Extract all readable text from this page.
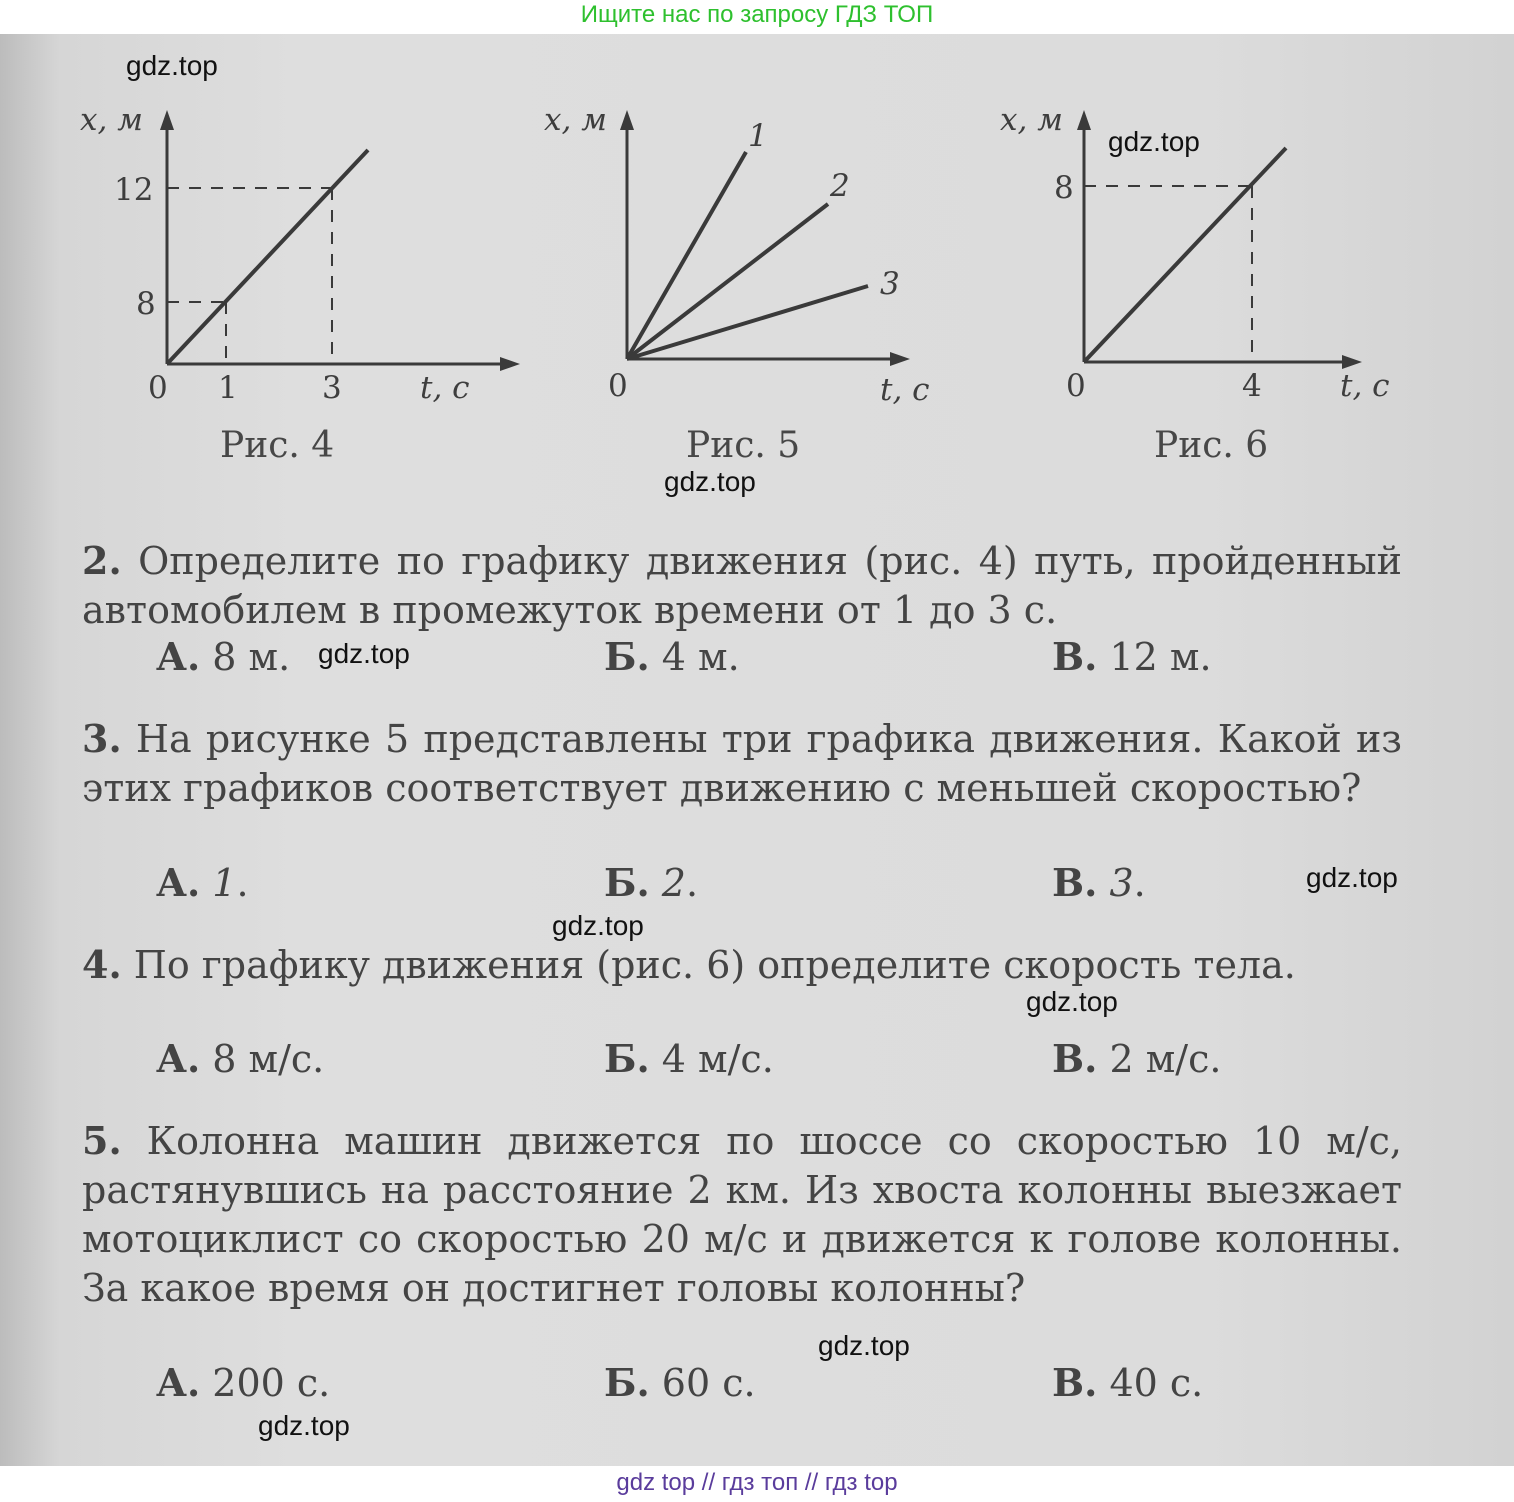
Ищите нас по запросу ГДЗ ТОП
x, м
12
8
0 1	3	t, с
Рис. 4
x, м	1
2
3
0	t, с
Рис. 5
x, м
8
0	4	t, с
Рис. 6
2. Определите по графику движения (рис. 4) путь, пройденный автомобилем в промежуток времени от 1 до 3 с.
А. 8 м.	Б. 4 м.	В. 12 м.
3. На рисунке 5 представлены три графика движения. Какой из этих графиков соответствует движению с меньшей скоростью?
А. 1.	Б. 2.	В. 3.
4. По графику движения (рис. 6) определите скорость тела.
А. 8 м/с.	Б. 4 м/с.	В. 2 м/с.
5. Колонна машин движется по шоссе со скоростью 10 м/с, растянувшись на расстояние 2 км. Из хвоста колонны выезжает мотоциклист со скоростью 20 м/с и движется к голове колонны. За какое время он достигнет головы колонны?
А. 200 с.	Б. 60 с.	В. 40 с.
gdz.top
gdz.top
gdz.top
gdz.top
gdz.top
gdz.top
gdz.top
gdz.top
gdz.top
gdz top // гдз топ // гдз top
